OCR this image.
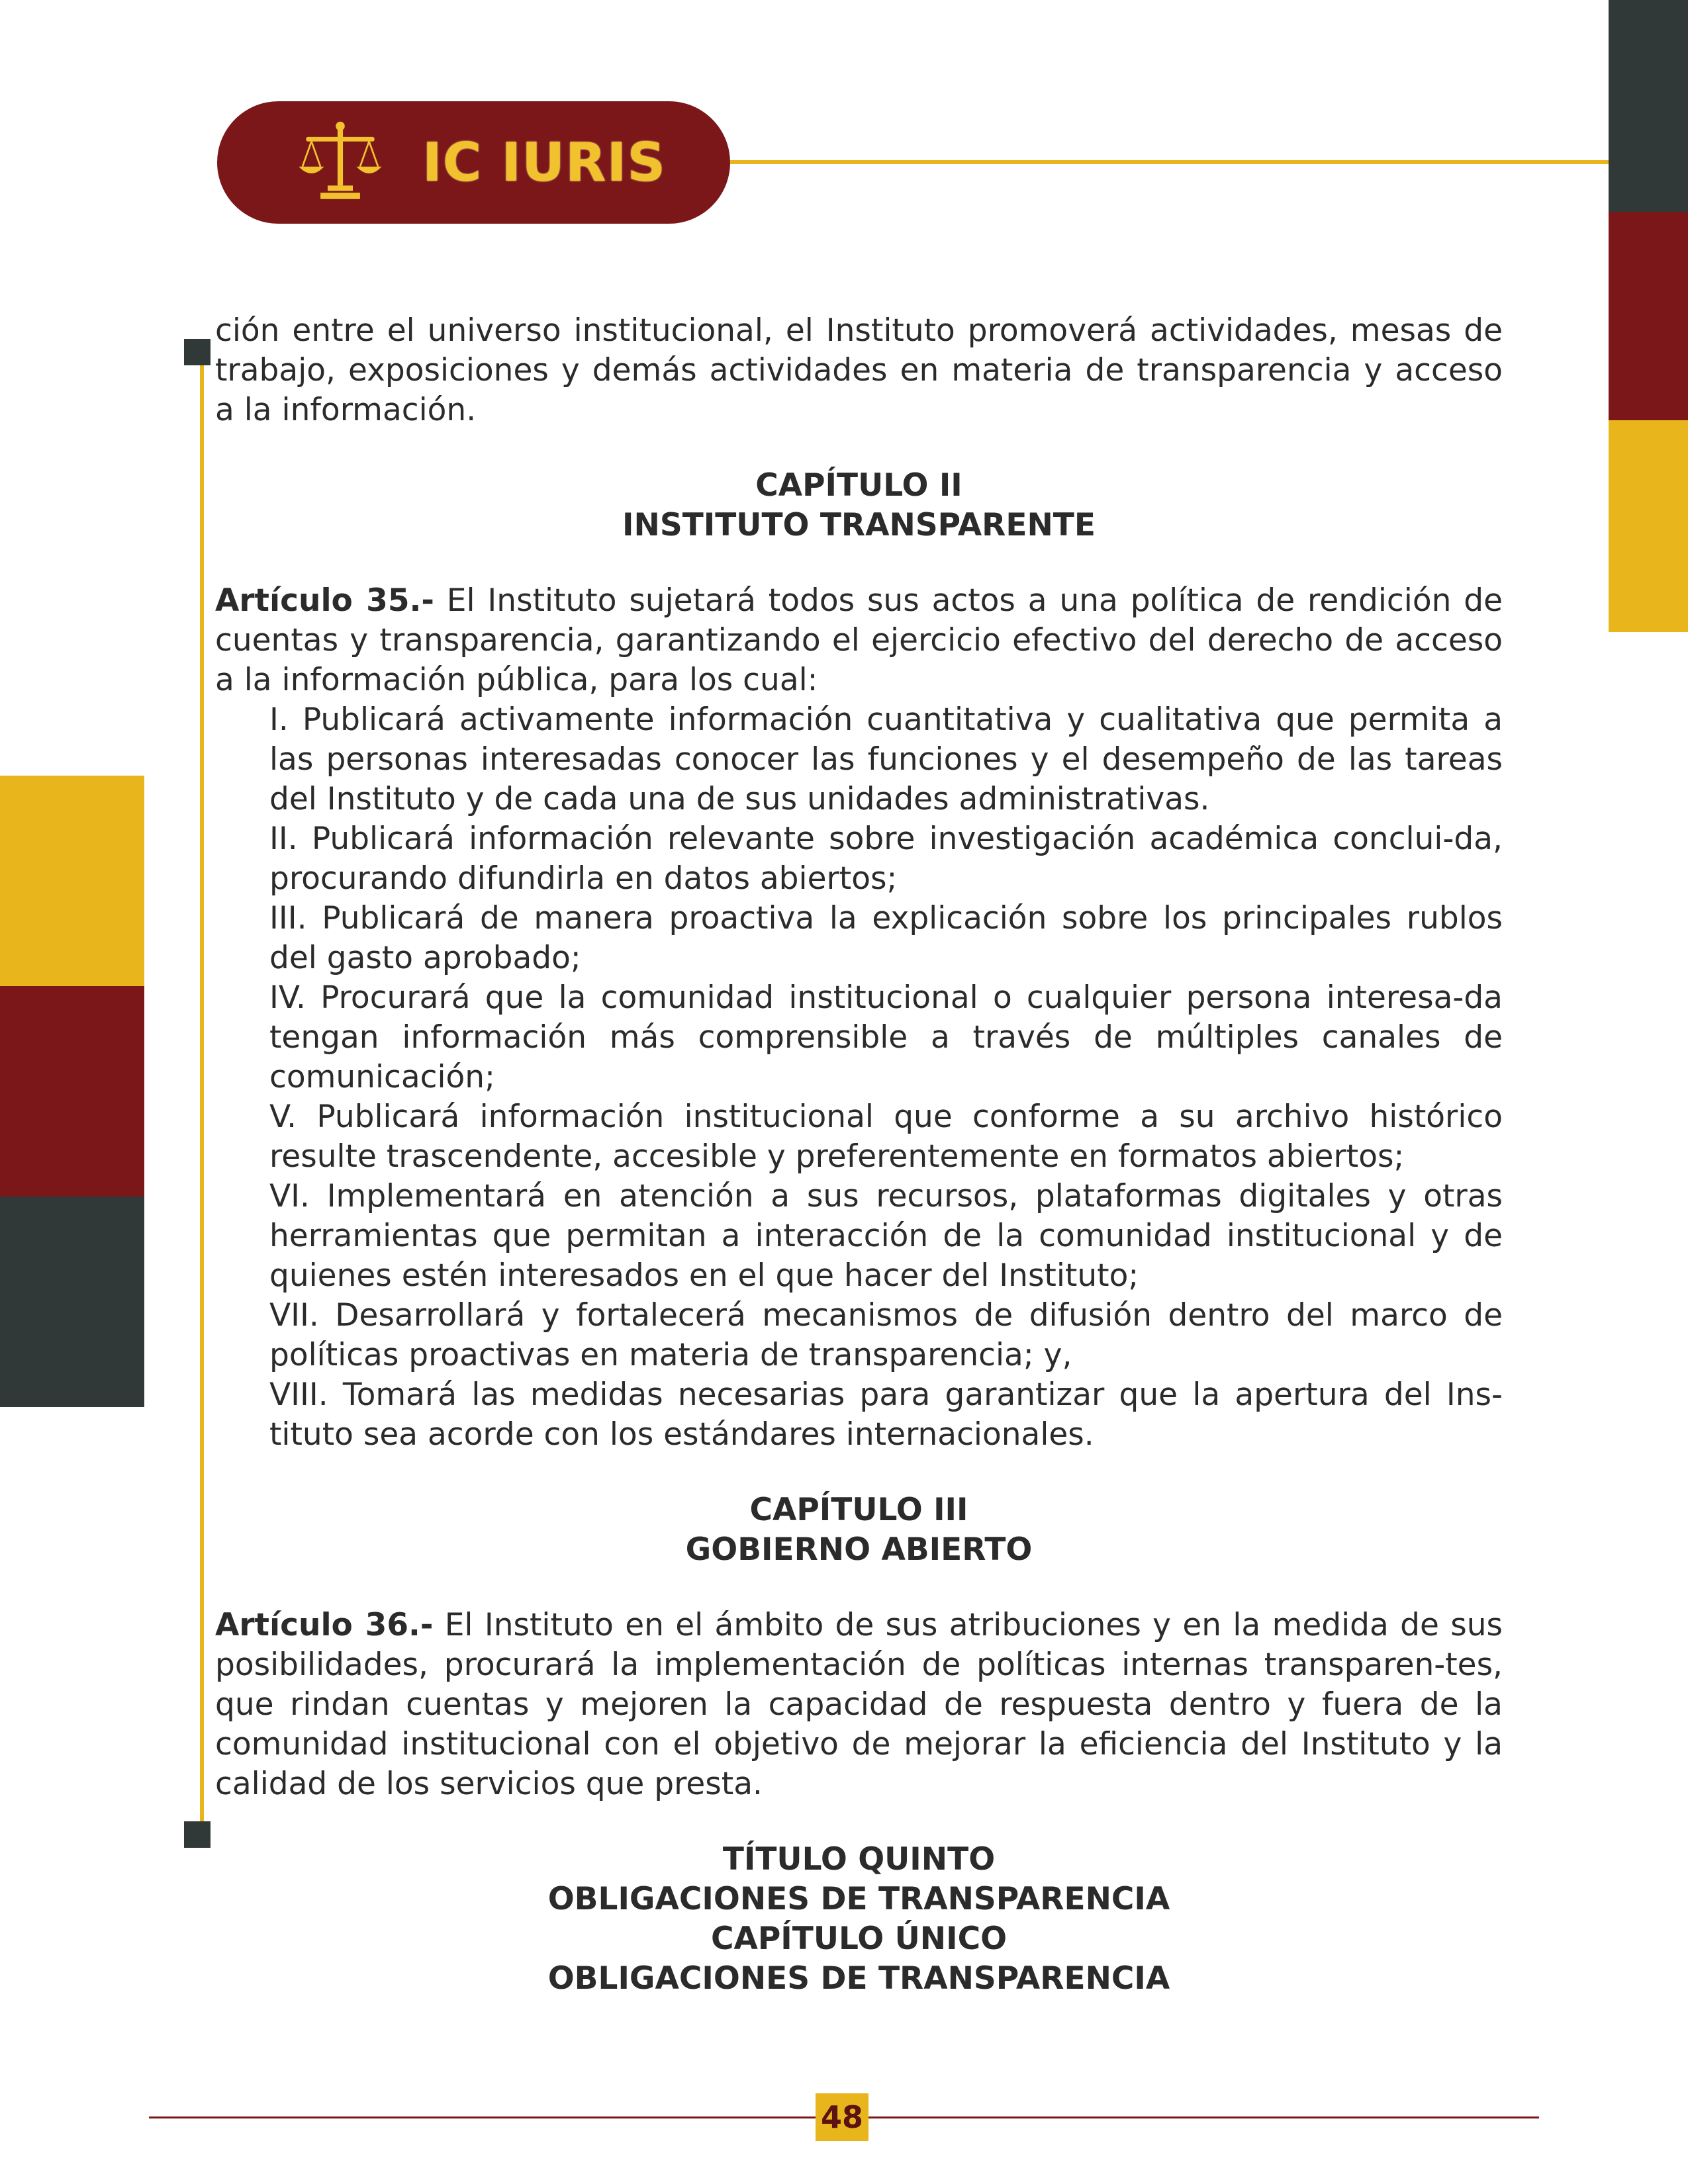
IC IURIS

ción entre el universo institucional, el Instituto promoverá actividades, mesas de trabajo, exposiciones y demás actividades en materia de transparencia y acceso a la información.

CAPÍTULO II

INSTITUTO TRANSPARENTE

Artículo 35.- El Instituto sujetará todos sus actos a una política de rendición de cuentas y transparencia, garantizando el ejercicio efectivo del derecho de acceso a la información pública, para los cual:

I. Publicará activamente información cuantitativa y cualitativa que permita a las personas interesadas conocer las funciones y el desempeño de las tareas del Instituto y de cada una de sus unidades administrativas.

II. Publicará información relevante sobre investigación académica conclui-da, procurando difundirla en datos abiertos;

III. Publicará de manera proactiva la explicación sobre los principales rublos del gasto aprobado;

IV. Procurará que la comunidad institucional o cualquier persona interesa-da tengan información más comprensible a través de múltiples canales de comunicación;

V. Publicará información institucional que conforme a su archivo histórico resulte trascendente, accesible y preferentemente en formatos abiertos;

VI. Implementará en atención a sus recursos, plataformas digitales y otras herramientas que permitan a interacción de la comunidad institucional y de quienes estén interesados en el que hacer del Instituto;

VII. Desarrollará y fortalecerá mecanismos de difusión dentro del marco de políticas proactivas en materia de transparencia; y,

VIII. Tomará las medidas necesarias para garantizar que la apertura del Ins-tituto sea acorde con los estándares internacionales.

CAPÍTULO III

GOBIERNO ABIERTO

Artículo 36.- El Instituto en el ámbito de sus atribuciones y en la medida de sus posibilidades, procurará la implementación de políticas internas transparen-tes, que rindan cuentas y mejoren la capacidad de respuesta dentro y fuera de la comunidad institucional con el objetivo de mejorar la eficiencia del Instituto y la calidad de los servicios que presta.

TÍTULO QUINTO

OBLIGACIONES DE TRANSPARENCIA

CAPÍTULO ÚNICO

OBLIGACIONES DE TRANSPARENCIA

48
